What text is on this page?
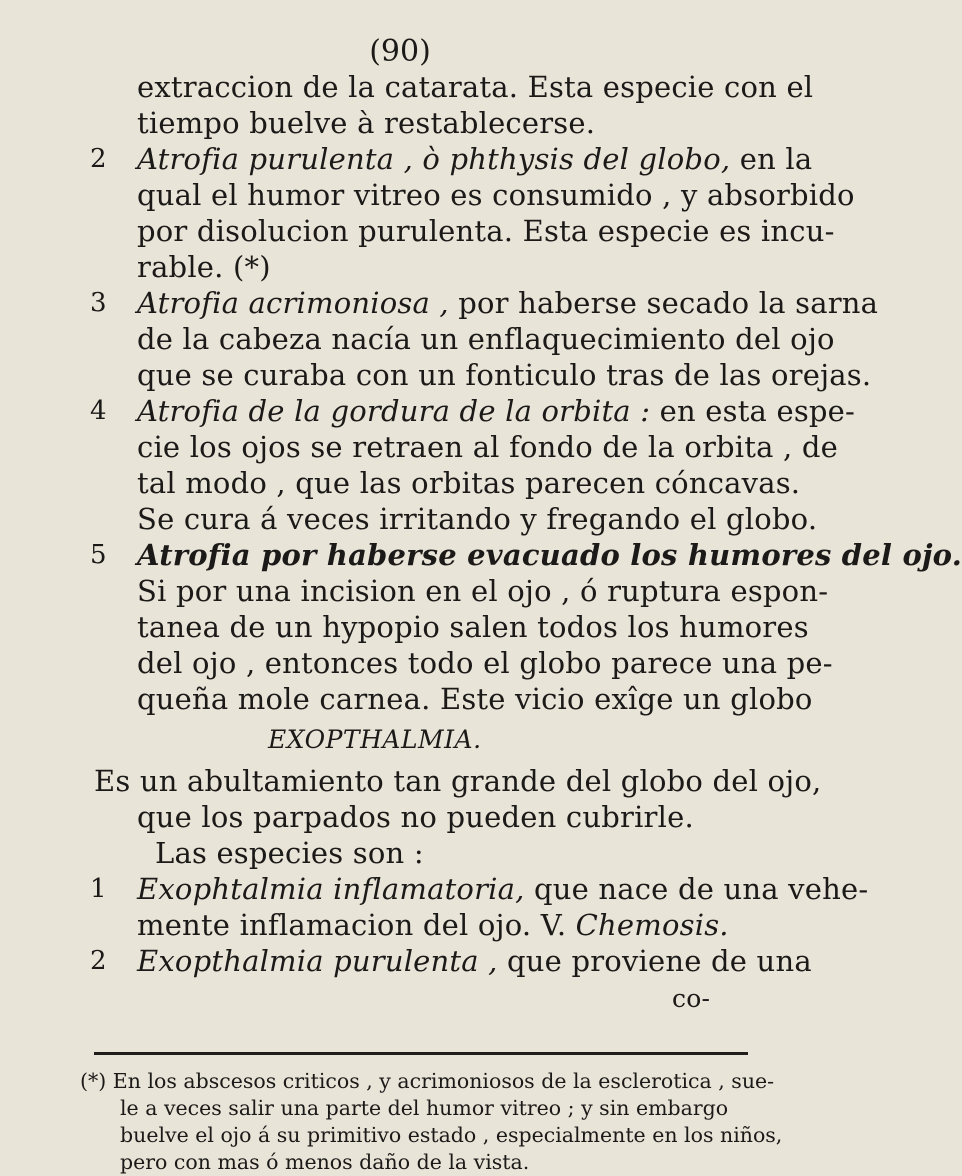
(90)
extraccion de la catarata. Esta especie con el
tiempo buelve à restablecerse.
2 Atrofia purulenta , ò phthysis del globo, en la
qual el humor vitreo es consumido , y absorbido
por disolucion purulenta. Esta especie es incu-
rable. (*)
3 Atrofia acrimoniosa , por haberse secado la sarna
de la cabeza nacía un enflaquecimiento del ojo
que se curaba con un fonticulo tras de las orejas.
4 Atrofia de la gordura de la orbita : en esta espe-
cie los ojos se retraen al fondo de la orbita , de
tal modo , que las orbitas parecen cóncavas.
Se cura á veces irritando y fregando el globo.
5 Atrofia por haberse evacuado los humores del ojo.
Si por una incision en el ojo , ó ruptura espon-
tanea de un hypopio salen todos los humores
del ojo , entonces todo el globo parece una pe-
queña mole carnea. Este vicio exîge un globo
EXOPTHALMIA.
Es un abultamiento tan grande del globo del ojo,
que los parpados no pueden cubrirle.
Las especies son :
1 Exophtalmia inflamatoria, que nace de una vehe-
mente inflamacion del ojo. V. Chemosis.
2 Exopthalmia purulenta , que proviene de una
co-
(*) En los abscesos criticos , y acrimoniosos de la esclerotica , sue-
le a veces salir una parte del humor vitreo ; y sin embargo
buelve el ojo á su primitivo estado , especialmente en los niños,
pero con mas ó menos daño de la vista.
